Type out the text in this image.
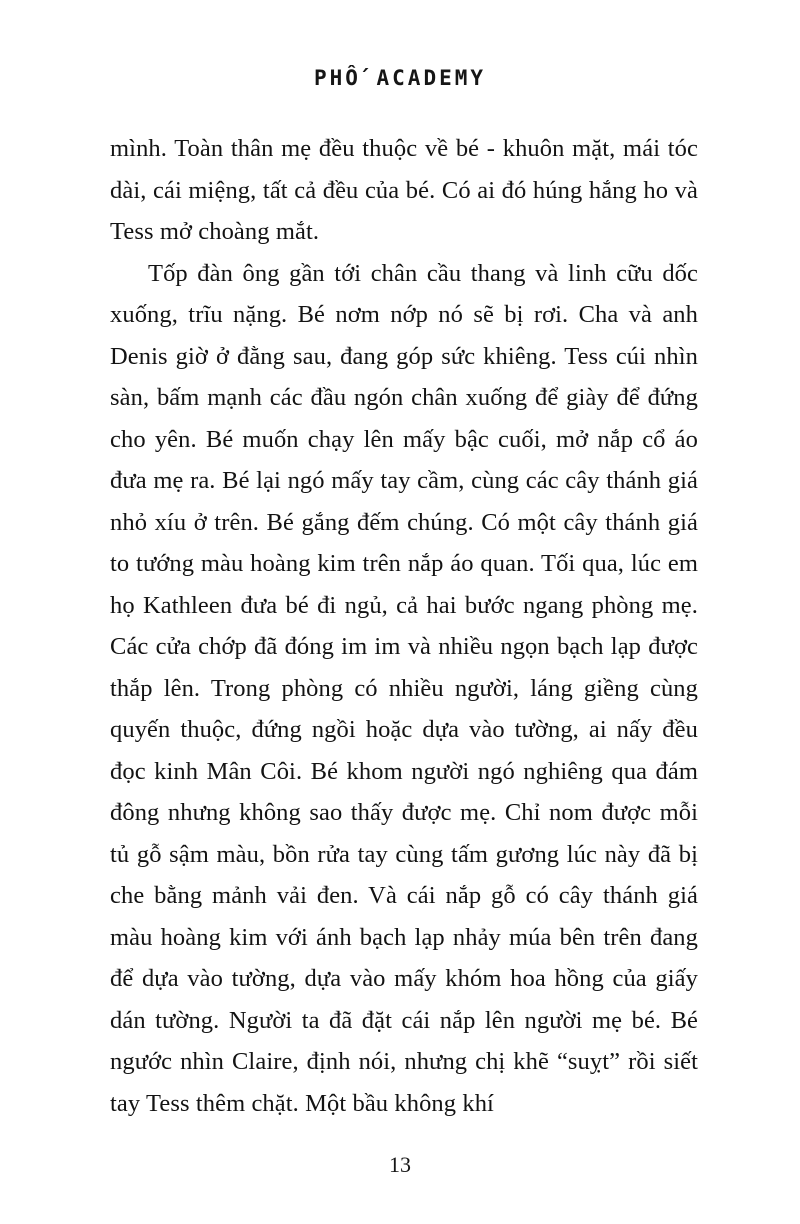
PHỐ ACADEMY

mình. Toàn thân mẹ đều thuộc về bé - khuôn mặt, mái tóc dài, cái miệng, tất cả đều của bé. Có ai đó húng hắng ho và Tess mở choàng mắt.

Tốp đàn ông gần tới chân cầu thang và linh cữu dốc xuống, trĩu nặng. Bé nơm nớp nó sẽ bị rơi. Cha và anh Denis giờ ở đằng sau, đang góp sức khiêng. Tess cúi nhìn sàn, bấm mạnh các đầu ngón chân xuống để giày để đứng cho yên. Bé muốn chạy lên mấy bậc cuối, mở nắp cổ áo đưa mẹ ra. Bé lại ngó mấy tay cầm, cùng các cây thánh giá nhỏ xíu ở trên. Bé gắng đếm chúng. Có một cây thánh giá to tướng màu hoàng kim trên nắp áo quan. Tối qua, lúc em họ Kathleen đưa bé đi ngủ, cả hai bước ngang phòng mẹ. Các cửa chớp đã đóng im im và nhiều ngọn bạch lạp được thắp lên. Trong phòng có nhiều người, láng giềng cùng quyến thuộc, đứng ngồi hoặc dựa vào tường, ai nấy đều đọc kinh Mân Côi. Bé khom người ngó nghiêng qua đám đông nhưng không sao thấy được mẹ. Chỉ nom được mỗi tủ gỗ sậm màu, bồn rửa tay cùng tấm gương lúc này đã bị che bằng mảnh vải đen. Và cái nắp gỗ có cây thánh giá màu hoàng kim với ánh bạch lạp nhảy múa bên trên đang để dựa vào tường, dựa vào mấy khóm hoa hồng của giấy dán tường. Người ta đã đặt cái nắp lên người mẹ bé. Bé ngước nhìn Claire, định nói, nhưng chị khẽ “suỵt” rồi siết tay Tess thêm chặt. Một bầu không khí

13
